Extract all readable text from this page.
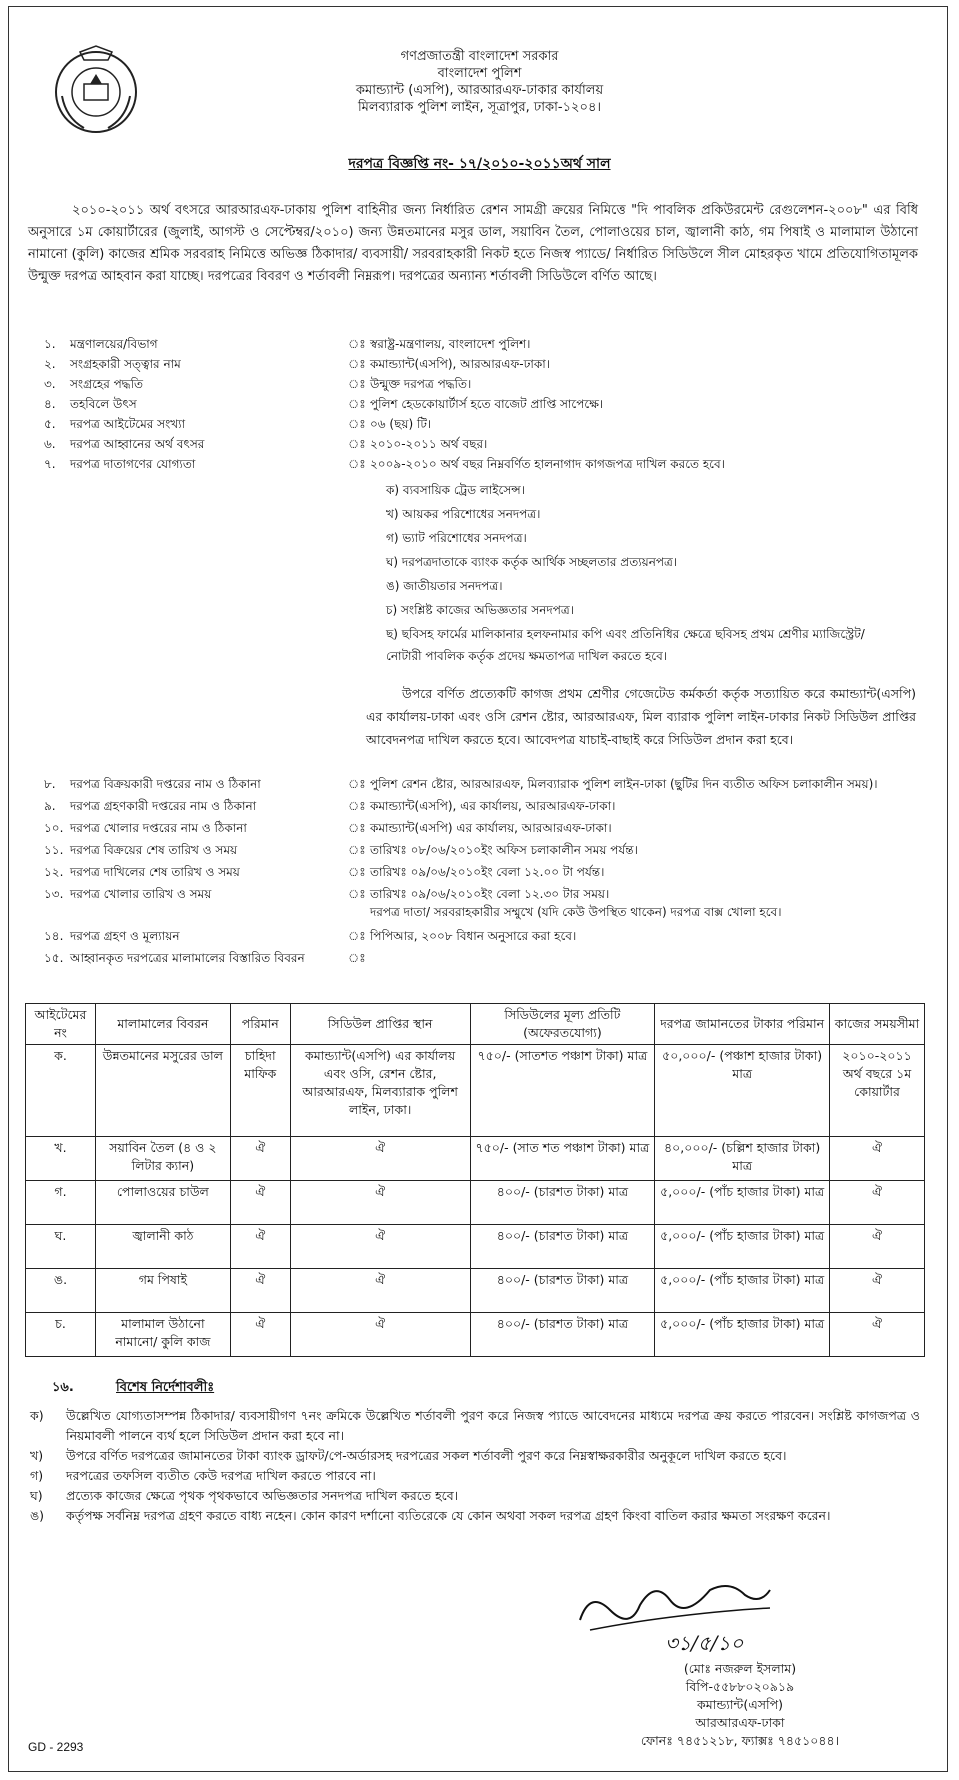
গণপ্রজাতন্ত্রী বাংলাদেশ সরকার
বাংলাদেশ পুলিশ
কমান্ড্যান্ট (এসপি), আরআরএফ-ঢাকার কার্যালয়
মিলব্যারাক পুলিশ লাইন, সূত্রাপুর, ঢাকা-১২০৪।
দরপত্র বিজ্ঞপ্তি নং- ১৭/২০১০-২০১১অর্থ সাল
২০১০-২০১১ অর্থ বৎসরে আরআরএফ-ঢাকায় পুলিশ বাহিনীর জন্য নির্ধারিত রেশন সামগ্রী ক্রয়ের নিমিত্তে "দি পাবলিক প্রকিউরমেন্ট রেগুলেশন-২০০৮" এর বিধি অনুসারে ১ম কোয়ার্টারের (জুলাই, আগস্ট ও সেপ্টেম্বর/২০১০) জন্য উন্নতমানের মসুর ডাল, সয়াবিন তৈল, পোলাওয়ের চাল, জ্বালানী কাঠ, গম পিষাই ও মালামাল উঠানো নামানো (কুলি) কাজের শ্রমিক সরবরাহ নিমিত্তে অভিজ্ঞ ঠিকাদার/ ব্যবসায়ী/ সরবরাহকারী নিকট হতে নিজস্ব প্যাডে/ নির্ধারিত সিডিউলে সীল মোহরকৃত খামে প্রতিযোগিতামূলক উন্মুক্ত দরপত্র আহবান করা যাচ্ছে। দরপত্রের বিবরণ ও শর্তাবলী নিম্নরূপ। দরপত্রের অন্যান্য শর্তাবলী সিডিউলে বর্ণিত আছে।
১. মন্ত্রণালয়ের/বিভাগ	ঃ স্বরাষ্ট্র-মন্ত্রণালয়, বাংলাদেশ পুলিশ।
২. সংগ্রহকারী সত্ত্বার নাম	ঃ কমান্ড্যান্ট(এসপি), আরআরএফ-ঢাকা।
৩. সংগ্রহের পদ্ধতি	ঃ উন্মুক্ত দরপত্র পদ্ধতি।
৪. তহবিলে উৎস	ঃ পুলিশ হেডকোয়ার্টার্স হতে বাজেট প্রাপ্তি সাপেক্ষে।
৫. দরপত্র আইটেমের সংখ্যা	ঃ ০৬ (ছয়) টি।
৬. দরপত্র আহ্বানের অর্থ বৎসর	ঃ ২০১০-২০১১ অর্থ বছর।
৭. দরপত্র দাতাগণের যোগ্যতা	ঃ ২০০৯-২০১০ অর্থ বছর নিম্নবর্ণিত হালনাগাদ কাগজপত্র দাখিল করতে হবে।
ক) ব্যবসায়িক ট্রেড লাইসেন্স।
খ) আয়কর পরিশোধের সনদপত্র।
গ) ভ্যাট পরিশোধের সনদপত্র।
ঘ) দরপত্রদাতাকে ব্যাংক কর্তৃক আর্থিক সচ্ছলতার প্রত্যয়নপত্র।
ঙ) জাতীয়তার সনদপত্র।
চ) সংশ্লিষ্ট কাজের অভিজ্ঞতার সনদপত্র।
ছ) ছবিসহ ফার্মের মালিকানার হলফনামার কপি এবং প্রতিনিধির ক্ষেত্রে ছবিসহ প্রথম শ্রেণীর ম্যাজিস্ট্রেট/
নোটারী পাবলিক কর্তৃক প্রদেয় ক্ষমতাপত্র দাখিল করতে হবে।
৮. দরপত্র বিক্রয়কারী দপ্তরের নাম ও ঠিকানা	ঃ পুলিশ রেশন ষ্টোর, আরআরএফ, মিলব্যারাক পুলিশ লাইন-ঢাকা (ছুটির দিন ব্যতীত অফিস চলাকালীন সময়)।
৯. দরপত্র গ্রহণকারী দপ্তরের নাম ও ঠিকানা	ঃ কমান্ড্যান্ট(এসপি), এর কার্যালয়, আরআরএফ-ঢাকা।
১০. দরপত্র খোলার দপ্তরের নাম ও ঠিকানা	ঃ কমান্ড্যান্ট(এসপি) এর কার্যালয়, আরআরএফ-ঢাকা।
১১. দরপত্র বিক্রয়ের শেষ তারিখ ও সময়	ঃ তারিখঃ ০৮/০৬/২০১০ইং অফিস চলাকালীন সময় পর্যন্ত।
১২. দরপত্র দাখিলের শেষ তারিখ ও সময়	ঃ তারিখঃ ০৯/০৬/২০১০ইং বেলা ১২.০০ টা পর্যন্ত।
১৩. দরপত্র খোলার তারিখ ও সময়	ঃ তারিখঃ ০৯/০৬/২০১০ইং বেলা ১২.৩০ টার সময়।
দরপত্র দাতা/ সরবরাহকারীর সম্মুখে (যদি কেউ উপস্থিত থাকেন) দরপত্র বাক্স খোলা হবে।
১৪. দরপত্র গ্রহণ ও মূল্যায়ন	ঃ পিপিআর, ২০০৮ বিধান অনুসারে করা হবে।
১৫. আহ্বানকৃত দরপত্রের মালামালের বিস্তারিত বিবরন	ঃ
উপরে বর্ণিত প্রত্যেকটি কাগজ প্রথম শ্রেণীর গেজেটেড কর্মকর্তা কর্তৃক সত্যায়িত করে কমান্ড্যান্ট(এসপি) এর কার্যালয়-ঢাকা এবং ওসি রেশন ষ্টোর, আরআরএফ, মিল ব্যারাক পুলিশ লাইন-ঢাকার নিকট সিডিউল প্রাপ্তির আবেদনপত্র দাখিল করতে হবে। আবেদপত্র যাচাই-বাছাই করে সিডিউল প্রদান করা হবে।
আইটেমের নং	মালামালের বিবরন	পরিমান	সিডিউল প্রাপ্তির স্থান	সিডিউলের মূল্য প্রতিটি (অফেরতযোগ্য)	দরপত্র জামানতের টাকার পরিমান	কাজের সময়সীমা
ক.	উন্নতমানের মসুরের ডাল	চাহিদা মাফিক	কমান্ড্যান্ট(এসপি) এর কার্যালয় এবং ওসি, রেশন ষ্টোর, আরআরএফ, মিলব্যারাক পুলিশ লাইন, ঢাকা।	৭৫০/- (সাতশত পঞ্চাশ টাকা) মাত্র	৫০,০০০/- (পঞ্চাশ হাজার টাকা) মাত্র	২০১০-২০১১ অর্থ বছরে ১ম কোয়ার্টার
খ.	সয়াবিন তৈল (৪ ও ২ লিটার ক্যান)	ঐ	ঐ	৭৫০/- (সাত শত পঞ্চাশ টাকা) মাত্র	৪০,০০০/- (চল্লিশ হাজার টাকা) মাত্র	ঐ
গ.	পোলাওয়ের চাউল	ঐ	ঐ	৪০০/- (চারশত টাকা) মাত্র	৫,০০০/- (পাঁচ হাজার টাকা) মাত্র	ঐ
ঘ.	জ্বালানী কাঠ	ঐ	ঐ	৪০০/- (চারশত টাকা) মাত্র	৫,০০০/- (পাঁচ হাজার টাকা) মাত্র	ঐ
ঙ.	গম পিষাই	ঐ	ঐ	৪০০/- (চারশত টাকা) মাত্র	৫,০০০/- (পাঁচ হাজার টাকা) মাত্র	ঐ
চ.	মালামাল উঠানো নামানো/ কুলি কাজ	ঐ	ঐ	৪০০/- (চারশত টাকা) মাত্র	৫,০০০/- (পাঁচ হাজার টাকা) মাত্র	ঐ
১৬.	বিশেষ নির্দেশাবলীঃ
ক) উল্লেখিত যোগ্যতাসম্পন্ন ঠিকাদার/ ব্যবসায়ীগণ ৭নং ক্রমিকে উল্লেখিত শর্তাবলী পুরণ করে নিজস্ব প্যাডে আবেদনের মাধ্যমে দরপত্র ক্রয় করতে পারবেন। সংশ্লিষ্ট কাগজপত্র ও নিয়মাবলী পালনে ব্যর্থ হলে সিডিউল প্রদান করা হবে না।
খ) উপরে বর্ণিত দরপত্রের জামানতের টাকা ব্যাংক ড্রাফট/পে-অর্ডারসহ দরপত্রের সকল শর্তাবলী পুরণ করে নিম্নস্বাক্ষরকারীর অনুকূলে দাখিল করতে হবে।
গ) দরপত্রের তফসিল ব্যতীত কেউ দরপত্র দাখিল করতে পারবে না।
ঘ) প্রত্যেক কাজের ক্ষেত্রে পৃথক পৃথকভাবে অভিজ্ঞতার সনদপত্র দাখিল করতে হবে।
ঙ) কর্তৃপক্ষ সর্বনিম্ন দরপত্র গ্রহণ করতে বাধ্য নহেন। কোন কারণ দর্শানো ব্যতিরেকে যে কোন অথবা সকল দরপত্র গ্রহণ কিংবা বাতিল করার ক্ষমতা সংরক্ষণ করেন।
৩১/৫/১০
(মোঃ নজরুল ইসলাম)
বিপি-৫৫৮৮০২০৯১৯
কমান্ড্যান্ট(এসপি)
আরআরএফ-ঢাকা
ফোনঃ ৭৪৫১২১৮, ফ্যাক্সঃ ৭৪৫১০৪৪।
GD - 2293
